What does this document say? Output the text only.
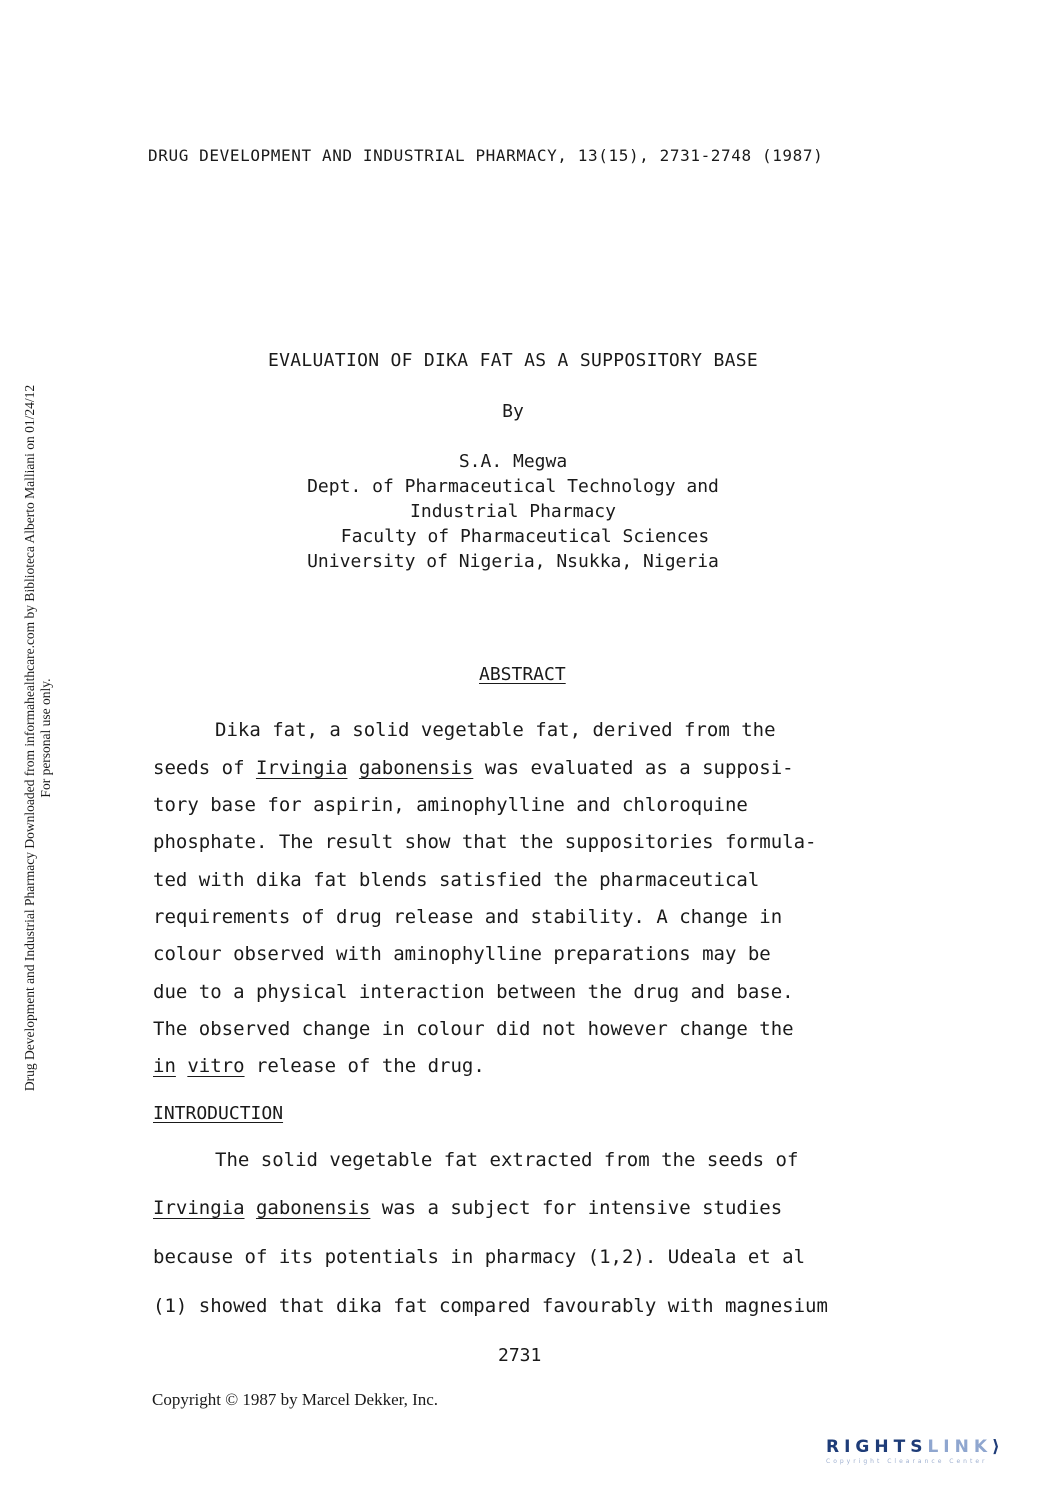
DRUG DEVELOPMENT AND INDUSTRIAL PHARMACY, 13(15), 2731-2748 (1987)
Drug Development and Industrial Pharmacy Downloaded from informahealthcare.com by Biblioteca Alberto Malliani on 01/24/12 For personal use only.
EVALUATION OF DIKA FAT AS A SUPPOSITORY BASE
By
S.A. Megwa
Dept. of Pharmaceutical Technology and
Industrial Pharmacy
Faculty of Pharmaceutical Sciences
University of Nigeria, Nsukka, Nigeria
ABSTRACT
Dika fat, a solid vegetable fat, derived from the
seeds of Irvingia gabonensis was evaluated as a supposi-
tory base for aspirin, aminophylline and chloroquine
phosphate. The result show that the suppositories formula-
ted with dika fat blends satisfied the pharmaceutical
requirements of drug release and stability. A change in
colour observed with aminophylline preparations may be
due to a physical interaction between the drug and base.
The observed change in colour did not however change the
in vitro release of the drug.
INTRODUCTION
The solid vegetable fat extracted from the seeds of
Irvingia gabonensis was a subject for intensive studies
because of its potentials in pharmacy (1,2). Udeala et al
(1) showed that dika fat compared favourably with magnesium
2731
Copyright © 1987 by Marcel Dekker, Inc.
RIGHTSLINK⟩
Copyright Clearance Center
